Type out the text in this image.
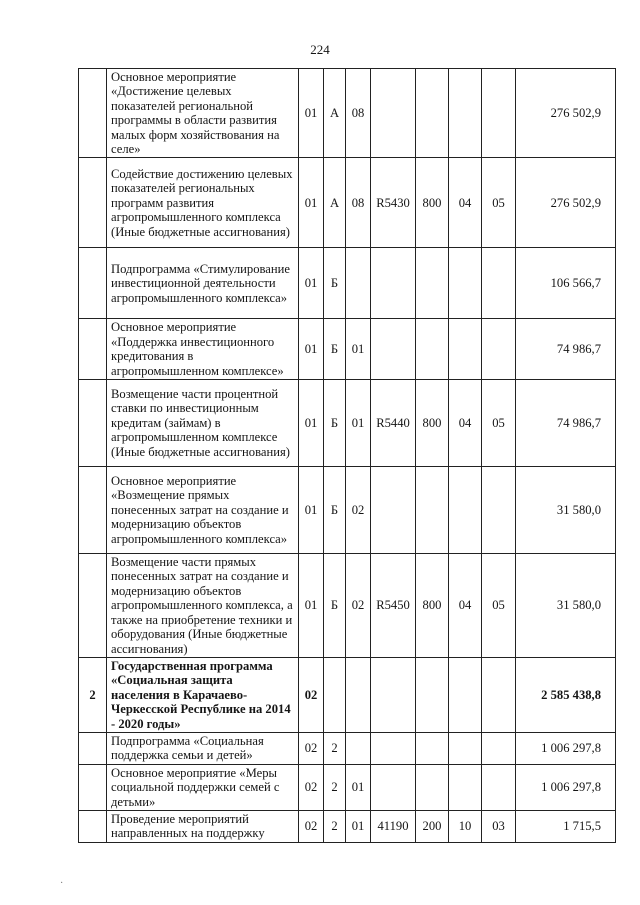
224
	Основное мероприятие «Достижение целевых показателей региональной программы в области развития малых форм хозяйствования на селе»	01	А	08					276 502,9
	Содействие достижению целевых показателей региональных программ развития агропромышленного комплекса (Иные бюджетные ассигнования)	01	А	08	R5430	800	04	05	276 502,9
	Подпрограмма «Стимулирование инвестиционной деятельности агропромышленного комплекса»	01	Б						106 566,7
	Основное мероприятие «Поддержка инвестиционного кредитования в агропромышленном комплексе»	01	Б	01					74 986,7
	Возмещение части процентной ставки по инвестиционным кредитам (займам) в агропромышленном комплексе (Иные бюджетные ассигнования)	01	Б	01	R5440	800	04	05	74 986,7
	Основное мероприятие «Возмещение прямых понесенных затрат на создание и модернизацию объектов агропромышленного комплекса»	01	Б	02					31 580,0
	Возмещение части прямых понесенных затрат на создание и модернизацию объектов агропромышленного комплекса, а также на приобретение техники и оборудования (Иные бюджетные ассигнования)	01	Б	02	R5450	800	04	05	31 580,0
2	Государственная программа «Социальная защита населения в Карачаево-Черкесской Республике на 2014 - 2020 годы»	02							2 585 438,8
	Подпрограмма «Социальная поддержка семьи и детей»	02	2						1 006 297,8
	Основное мероприятие «Меры социальной поддержки семей с детьми»	02	2	01					1 006 297,8
	Проведение мероприятий направленных на поддержку	02	2	01	41190	200	10	03	1 715,5
·
